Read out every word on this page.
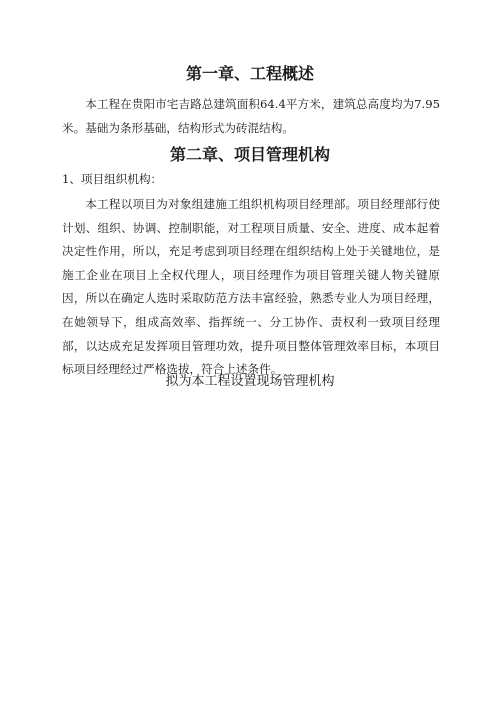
第一章、工程概述

本工程在贵阳市宅吉路总建筑面积64.4平方米，建筑总高度均为7.95米。基础为条形基础，结构形式为砖混结构。

第二章、项目管理机构

1、项目组织机构：

本工程以项目为对象组建施工组织机构项目经理部。项目经理部行使计划、组织、协调、控制职能，对工程项目质量、安全、进度、成本起着决定性作用，所以，充足考虑到项目经理在组织结构上处于关键地位，是施工企业在项目上全权代理人，项目经理作为项目管理关键人物关键原因，所以在确定人选时采取防范方法丰富经验，熟悉专业人为项目经理，在她领导下，组成高效率、指挥统一、分工协作、责权利一致项目经理部，以达成充足发挥项目管理功效，提升项目整体管理效率目标，本项目标项目经理经过严格选拔，符合上述条件。

拟为本工程设置现场管理机构
